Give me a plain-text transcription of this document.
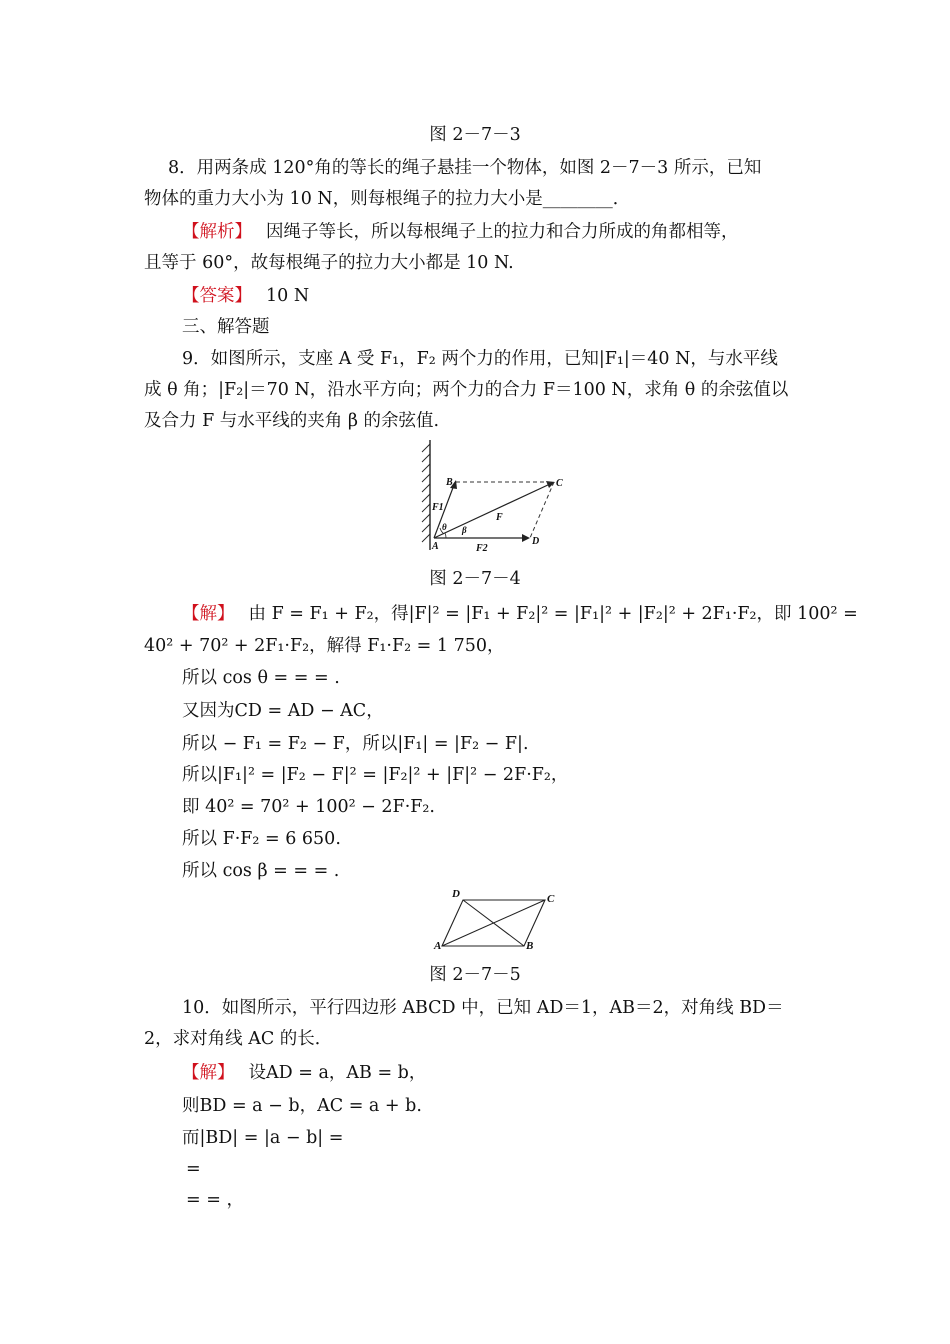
图 2－7－3
8．用两条成 120°角的等长的绳子悬挂一个物体，如图 2－7－3 所示，已知
物体的重力大小为 10 N，则每根绳子的拉力大小是________．
【解析】 因绳子等长，所以每根绳子上的拉力和合力所成的角都相等，
且等于 60°，故每根绳子的拉力大小都是 10 N.
【答案】 10 N
三、解答题
9．如图所示，支座 A 受 F₁，F₂ 两个力的作用，已知|F₁|＝40 N，与水平线
成 θ 角；|F₂|＝70 N，沿水平方向；两个力的合力 F＝100 N，求角 θ 的余弦值以
及合力 F 与水平线的夹角 β 的余弦值.
B	C
F1
θ β
F
A	F2
D
图 2－7－4
【解】 由 F = F₁ + F₂，得|F|² = |F₁ + F₂|² = |F₁|² + |F₂|² + 2F₁·F₂，即 100² =
40² + 70² + 2F₁·F₂，解得 F₁·F₂ = 1 750，
所以 cos θ = = = .
又因为CD = AD − AC，
所以 − F₁ = F₂ − F，所以|F₁| = |F₂ − F|.
所以|F₁|² = |F₂ − F|² = |F₂|² + |F|² − 2F·F₂，
即 40² = 70² + 100² − 2F·F₂.
所以 F·F₂ = 6 650.
所以 cos β = = = .
D	C
A	B
图 2－7－5
10．如图所示，平行四边形 ABCD 中，已知 AD＝1，AB＝2，对角线 BD＝
2，求对角线 AC 的长．
【解】 设AD = a，AB = b，
则BD = a − b，AC = a + b.
而|BD| = |a − b| =
=
= = ，
